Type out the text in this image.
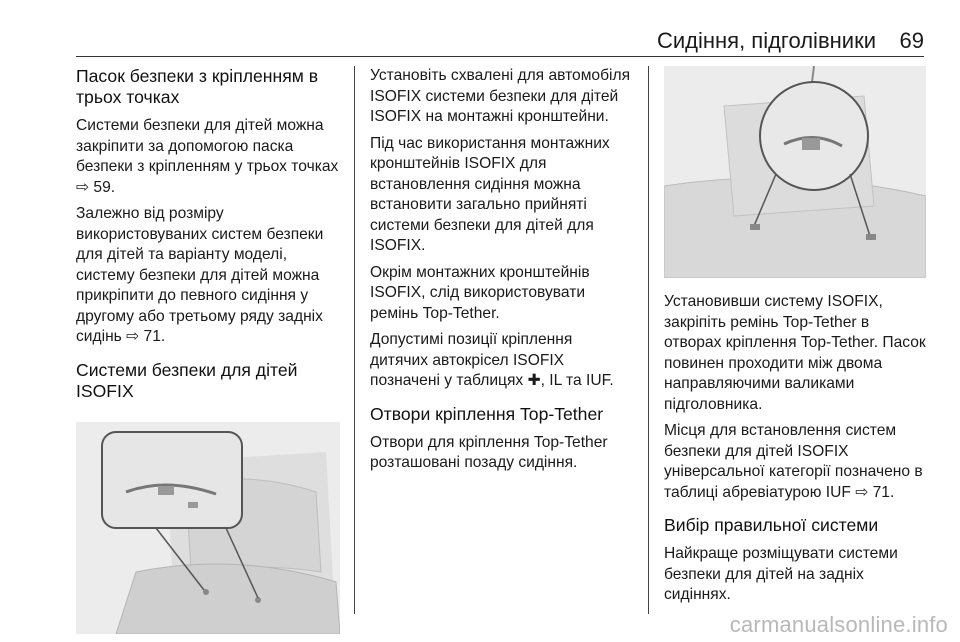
Сидіння, підголівники 69
Пасок безпеки з кріпленням в трьох точках

Системи безпеки для дітей можна закріпити за допомогою паска безпеки з кріпленням у трьох точках ⇨ 59.

Залежно від розміру використовуваних систем безпеки для дітей та варіанту моделі, систему безпеки для дітей можна прикріпити до певного сидіння у другому або третьому ряду задніх сидінь ⇨ 71.

Системи безпеки для дітей ISOFIX

Установіть схвалені для автомобіля ISOFIX системи безпеки для дітей ISOFIX на монтажні кронштейни.

Під час використання монтажних кронштейнів ISOFIX для встановлення сидіння можна встановити загально прийняті системи безпеки для дітей для ISOFIX.

Окрім монтажних кронштейнів ISOFIX, слід використовувати ремінь Top-Tether.

Допустимі позиції кріплення дитячих автокрісел ISOFIX позначені у таблицях ✚, IL та IUF.

Отвори кріплення Top-Tether

Отвори для кріплення Top-Tether розташовані позаду сидіння.

Установивши систему ISOFIX, закріпіть ремінь Top-Tether в отворах кріплення Top-Tether. Пасок повинен проходити між двома направляючими валиками підголовника.

Місця для встановлення систем безпеки для дітей ISOFIX універсальної категорії позначено в таблиці абревіатурою IUF ⇨ 71.

Вибір правильної системи

Найкраще розміщувати системи безпеки для дітей на задніх сидіннях.

carmanualsonline.info
